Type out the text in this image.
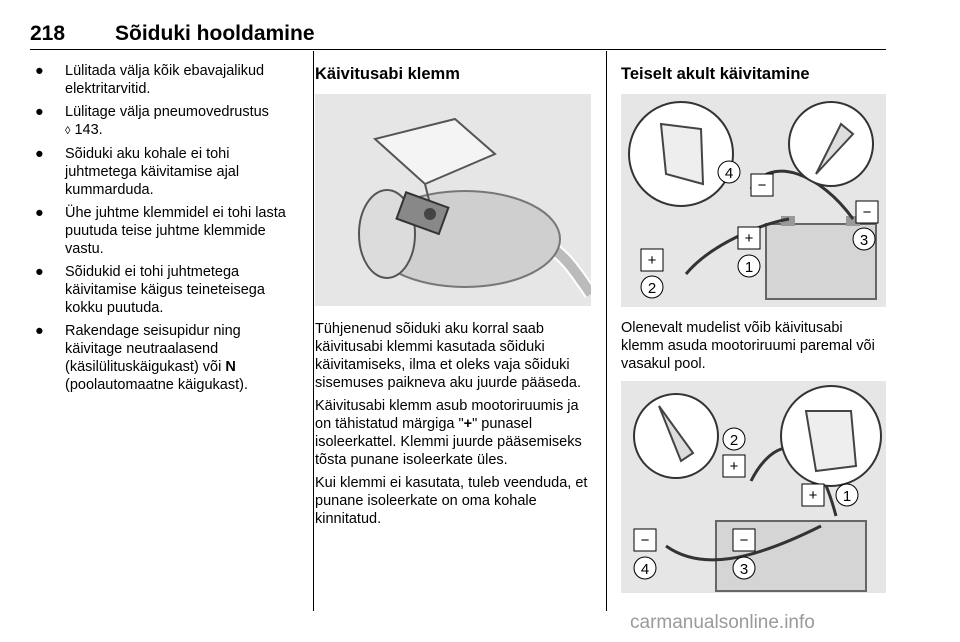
218 Sõiduki hooldamine
● Lülitada välja kõik ebavajalikud elektritarvitid.
● Lülitage välja pneumovedrustus
◊ 143.
● Sõiduki aku kohale ei tohi juhtmetega käivitamise ajal kummarduda.
● Ühe juhtme klemmidel ei tohi lasta puutuda teise juhtme klemmide vastu.
● Sõidukid ei tohi juhtmetega käivitamise käigus teineteisega kokku puutuda.
● Rakendage seisupidur ning käivitage neutraalasend (käsilülituskäigukast) või N
(poolautomaatne käigukast).
Käivitusabi klemm

Tühjenenud sõiduki aku korral saab käivitusabi klemmi kasutada sõiduki käivitamiseks, ilma et oleks vaja sõiduki sisemuses paikneva aku juurde pääseda.

Käivitusabi klemm asub mootoriruumis ja on tähistatud märgiga "+" punasel isoleerkattel. Klemmi juurde pääsemiseks tõsta punane isoleerkate üles.

Kui klemmi ei kasutata, tuleb veenduda, et punane isoleerkate on oma kohale kinnitatud.

Teiselt akult käivitamine
−
−
+
+
4
3
1
2

Olenevalt mudelist võib käivitusabi klemm asuda mootoriruumi paremal või vasakul pool.

2
+
+ 1
−	−
4	3
carmanualsonline.info
